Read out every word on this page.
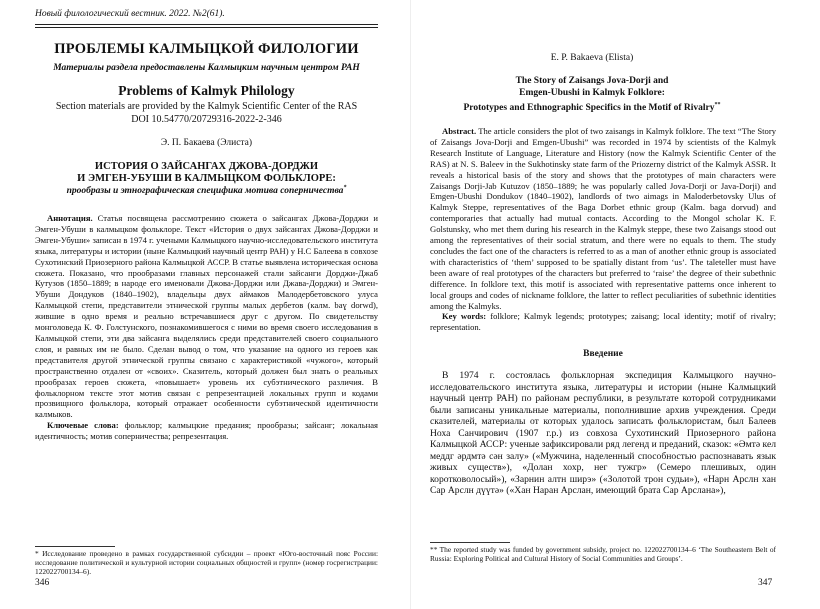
Новый филологический вестник. 2022. №2(61).
ПРОБЛЕМЫ КАЛМЫЦКОЙ ФИЛОЛОГИИ
Материалы раздела предоставлены Калмыцким научным центром РАН
Problems of Kalmyk Philology
Section materials are provided by the Kalmyk Scientific Center of the RAS
DOI 10.54770/20729316-2022-2-346
Э. П. Бакаева (Элиста)
ИСТОРИЯ О ЗАЙСАНГАХ ДЖОВА-ДОРДЖИ
И ЭМГЕН-УБУШИ В КАЛМЫЦКОМ ФОЛЬКЛОРЕ:
прообразы и этнографическая специфика мотива соперничества*

Аннотация. Статья посвящена рассмотрению сюжета о зайсангах Джова-Дорджи и Эмген-Убуши в калмыцком фольклоре. Текст «История о двух зайсангах Джова-Дорджи и Эмген-Убуши» записан в 1974 г. учеными Калмыцкого научно-исследовательского института языка, литературы и истории (ныне Калмыцкий научный центр РАН) у Н.С Балеева в совхозе Сухотинский Приозерного района Калмыцкой АССР. В статье выявлена историческая основа сюжета. Показано, что прообразами главных персонажей стали зайсанги Дорджи-Джаб Кутузов (1850–1889; в народе его именовали Джова-Дорджи или Джава-Дорджи) и Эмген-Убуши Дондуков (1840–1902), владельцы двух аймаков Малодербетовского улуса Калмыцкой степи, представители этнической группы малых дербетов (калм. baɣ dorwd), жившие в одно время и реально встречавшиеся друг с другом. По свидетельству монголоведа К. Ф. Голстунского, познакомившегося с ними во время своего исследования в Калмыцкой степи, эти два зайсанга выделялись среди представителей своего социального слоя, и равных им не было. Сделан вывод о том, что указание на одного из героев как представителя другой этнической группы связано с характеристикой «чужого», который пространственно отдален от «своих». Сказитель, который должен был знать о реальных прообразах героев сюжета, «повышает» уровень их субэтнического различия. В фольклорном тексте этот мотив связан с репрезентацией локальных групп и кодами прозвищного фольклора, который отражает особенности субэтнической идентичности калмыков.

Ключевые слова: фольклор; калмыцкие предания; прообразы; зайсанг; локальная идентичность; мотив соперничества; репрезентация.

* Исследование проведено в рамках государственной субсидии – проект «Юго-восточный пояс России: исследование политической и культурной истории социальных общностей и групп» (номер госрегистрации: 122022700134–6).
346
E. P. Bakaeva (Elista)
The Story of Zaisangs Jova-Dorji and
Emgen-Ubushi in Kalmyk Folklore:
Prototypes and Ethnographic Specifics in the Motif of Rivalry**

Abstract. The article considers the plot of two zaisangs in Kalmyk folklore. The text “The Story of Zaisangs Jova-Dorji and Emgen-Ubushi” was recorded in 1974 by scientists of the Kalmyk Research Institute of Language, Literature and History (now the Kalmyk Scientific Center of the RAS) at N. S. Baleev in the Sukhotinsky state farm of the Priozerny district of the Kalmyk ASSR. It reveals a historical basis of the story and shows that the prototypes of main characters were Zaisangs Dorji-Jab Kutuzov (1850–1889; he was popularly called Jova-Dorji or Java-Dorji) and Emgen-Ubushi Dondukov (1840–1902), landlords of two aimags in Maloderbetovsky Ulus of Kalmyk Steppe, representatives of the Baga Dorbet ethnic group (Kalm. baga dorvud) and contemporaries that actually had mutual contacts. According to the Mongol scholar K. F. Golstunsky, who met them during his research in the Kalmyk steppe, these two Zaisangs stood out among the representatives of their social stratum, and there were no equals to them. The study concludes the fact one of the characters is referred to as a man of another ethnic group is associated with characteristics of ‘them’ supposed to be spatially distant from ‘us’. The taleteller must have been aware of real prototypes of the characters but preferred to ‘raise’ the degree of their subethnic difference. In folklore text, this motif is associated with representative patterns once inherent to local groups and codes of nickname folklore, the latter to reflect peculiarities of subethnic identities among the Kalmyks.

Key words: folklore; Kalmyk legends; prototypes; zaisang; local identity; motif of rivalry; representation.

Введение

В 1974 г. состоялась фольклорная экспедиция Калмыцкого научно-исследовательского института языка, литературы и истории (ныне Калмыцкий научный центр РАН) по районам республики, в результате которой сотрудниками были записаны уникальные материалы, пополнившие архив учреждения. Среди сказителей, материалы от которых удалось записать фольклористам, был Балеев Ноха Санчирович (1907 г.р.) из совхоза Сухотинский Приозерного района Калмыцкой АССР: ученые зафиксировали ряд легенд и преданий, сказок: «Әмтә кел меддг әрдмтә сән залу» («Мужчина, наделенный способностью распознавать язык живых существ»), «Долан хохр, нег тужгр» (Семеро плешивых, один коротковолосый»), «Зарнин алтн ширэ» («Золотой трон судьи»), «Нарн Арслн хан Сар Арслн дүүтә» («Хан Наран Арслан, имеющий брата Сар Арслана»),

** The reported study was funded by government subsidy, project no. 122022700134–6 ‘The Southeastern Belt of Russia: Exploring Political and Cultural History of Social Communities and Groups’.
347
